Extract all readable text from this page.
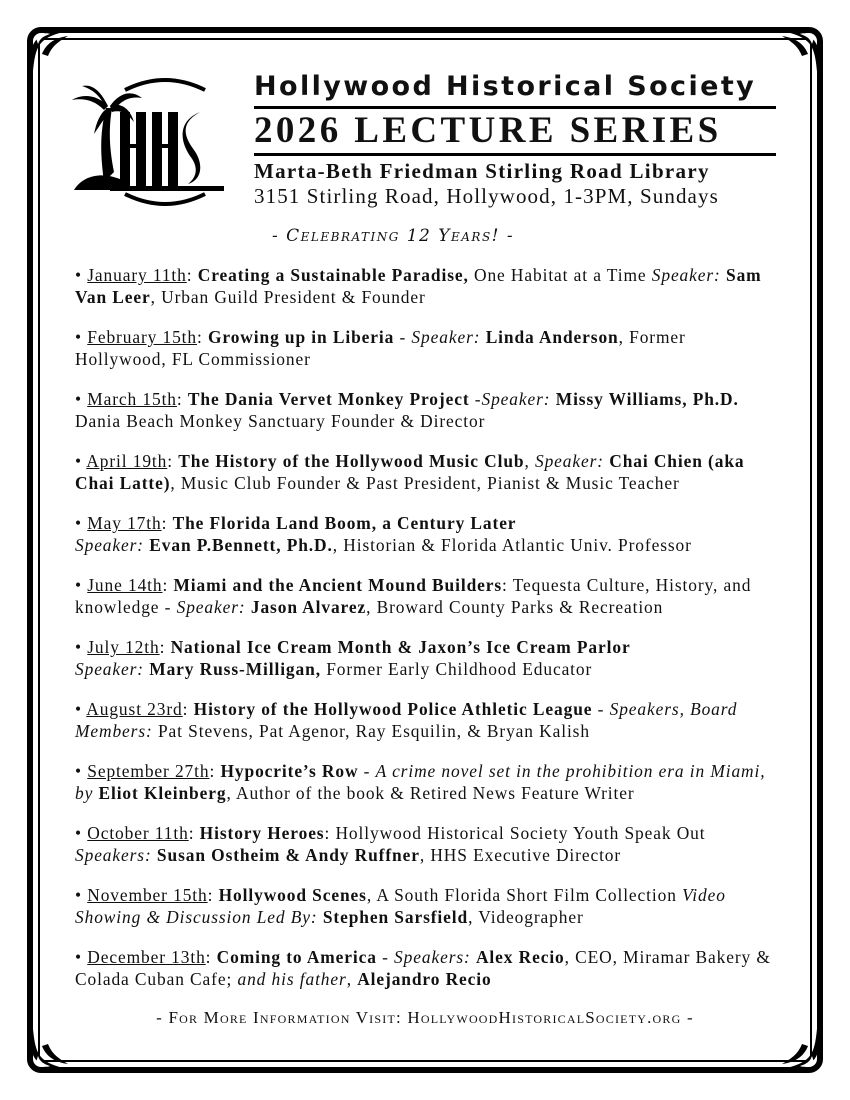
Hollywood Historical Society
2026 LECTURE SERIES
Marta-Beth Friedman Stirling Road Library
3151 Stirling Road, Hollywood, 1-3PM, Sundays
- Celebrating 12 Years! -
• January 11th: Creating a Sustainable Paradise, One Habitat at a Time Speaker: Sam Van Leer, Urban Guild President & Founder
• February 15th: Growing up in Liberia - Speaker: Linda Anderson, Former Hollywood, FL Commissioner
• March 15th: The Dania Vervet Monkey Project -Speaker: Missy Williams, Ph.D. Dania Beach Monkey Sanctuary Founder & Director
• April 19th: The History of the Hollywood Music Club, Speaker: Chai Chien (aka Chai Latte), Music Club Founder & Past President, Pianist & Music Teacher
• May 17th: The Florida Land Boom, a Century Later
Speaker: Evan P.Bennett, Ph.D., Historian & Florida Atlantic Univ. Professor
• June 14th: Miami and the Ancient Mound Builders: Tequesta Culture, History, and knowledge - Speaker: Jason Alvarez, Broward County Parks & Recreation
• July 12th: National Ice Cream Month & Jaxon’s Ice Cream Parlor
Speaker: Mary Russ-Milligan, Former Early Childhood Educator
• August 23rd: History of the Hollywood Police Athletic League - Speakers, Board Members: Pat Stevens, Pat Agenor, Ray Esquilin, & Bryan Kalish
• September 27th: Hypocrite’s Row - A crime novel set in the prohibition era in Miami, by Eliot Kleinberg, Author of the book & Retired News Feature Writer
• October 11th: History Heroes: Hollywood Historical Society Youth Speak Out Speakers: Susan Ostheim & Andy Ruffner, HHS Executive Director
• November 15th: Hollywood Scenes, A South Florida Short Film Collection Video Showing & Discussion Led By: Stephen Sarsfield, Videographer
• December 13th: Coming to America - Speakers: Alex Recio, CEO, Miramar Bakery & Colada Cuban Cafe; and his father, Alejandro Recio
- For More Information Visit: HollywoodHistoricalSociety.org -
